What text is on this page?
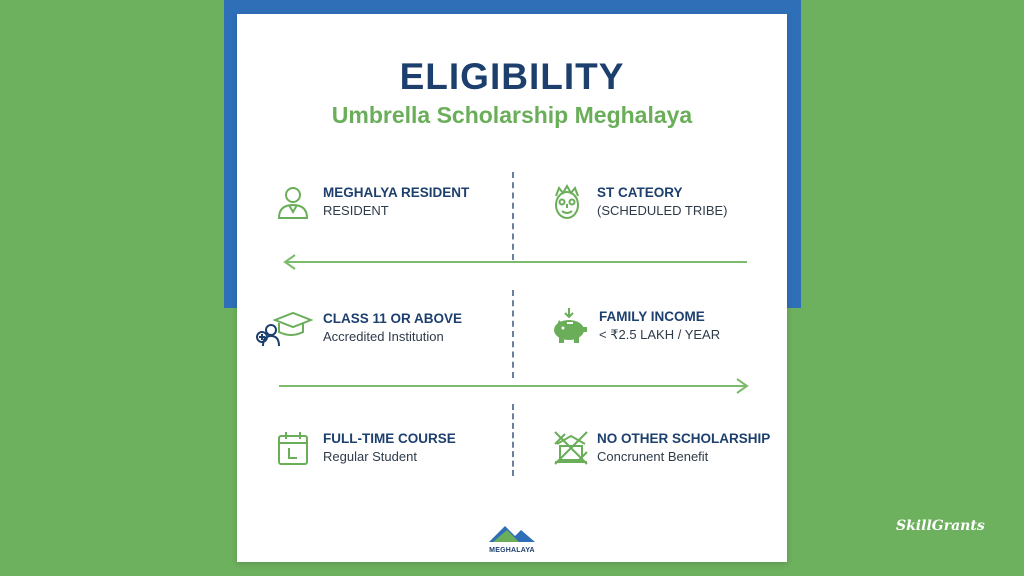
ELIGIBILITY
Umbrella Scholarship Meghalaya
MEGHALYA RESIDENT
RESIDENT
ST CATEORY
(SCHEDULED TRIBE)
CLASS 11 OR ABOVE
Accredited Institution
FAMILY INCOME
< ₹2.5 LAKH / YEAR
FULL-TIME COURSE
Regular Student
NO OTHER SCHOLARSHIP
Concrunent Benefit
MEGHALAYA
SkillGrants
